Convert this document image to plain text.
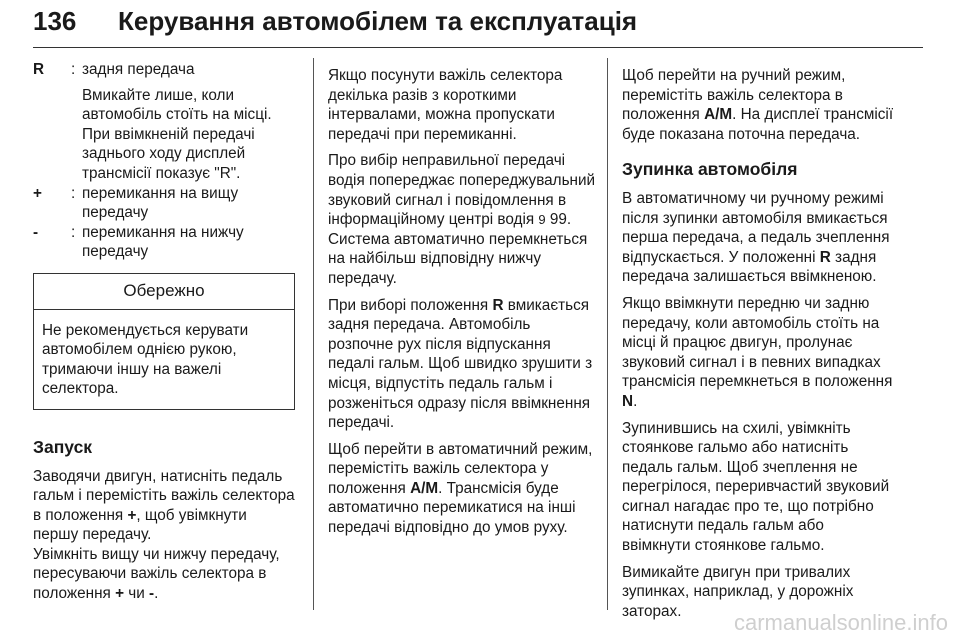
136 Керування автомобілем та експлуатація
R	: задня передача
Вмикайте лише, коли автомобіль стоїть на місці. При ввімкненій передачі заднього ходу дисплей трансмісії показує "R".
+	: перемикання на вищу передачу
-	: перемикання на нижчу передачу
Обережно
Не рекомендується керувати автомобілем однією рукою, тримаючи іншу на важелі селектора.
Запуск
Заводячи двигун, натисніть педаль гальм і перемістіть важіль селектора в положення +, щоб увімкнути першу передачу.
Увімкніть вищу чи нижчу передачу, пересуваючи важіль селектора в положення + чи -.

Якщо посунути важіль селектора декілька разів з короткими інтервалами, можна пропускати передачі при перемиканні.

Про вибір неправильної передачі водія попереджає попереджувальний звуковий сигнал і повідомлення в інформаційному центрі водія 9 99.
Система автоматично перемкнеться на найбільш відповідну нижчу передачу.

При виборі положення R вмикається задня передача. Автомобіль розпочне рух після відпускання педалі гальм. Щоб швидко зрушити з місця, відпустіть педаль гальм і розженіться одразу після ввімкнення передачі.

Щоб перейти в автоматичний режим, перемістіть важіль селектора у положення A/M. Трансмісія буде автоматично перемикатися на інші передачі відповідно до умов руху.

Щоб перейти на ручний режим, перемістіть важіль селектора в положення A/M. На дисплеї трансмісії буде показана поточна передача.

Зупинка автомобіля

В автоматичному чи ручному режимі після зупинки автомобіля вмикається перша передача, а педаль зчеплення відпускається. У положенні R задня передача залишається ввімкненою.

Якщо ввімкнути передню чи задню передачу, коли автомобіль стоїть на місці й працює двигун, пролунає звуковий сигнал і в певних випадках трансмісія перемкнеться в положення N.

Зупинившись на схилі, увімкніть стоянкове гальмо або натисніть педаль гальм. Щоб зчеплення не перегрілося, переривчастий звуковий сигнал нагадає про те, що потрібно натиснути педаль гальм або ввімкнути стоянкове гальмо.

Вимикайте двигун при тривалих зупинках, наприклад, у дорожніх заторах.	carmanualsonline.info
